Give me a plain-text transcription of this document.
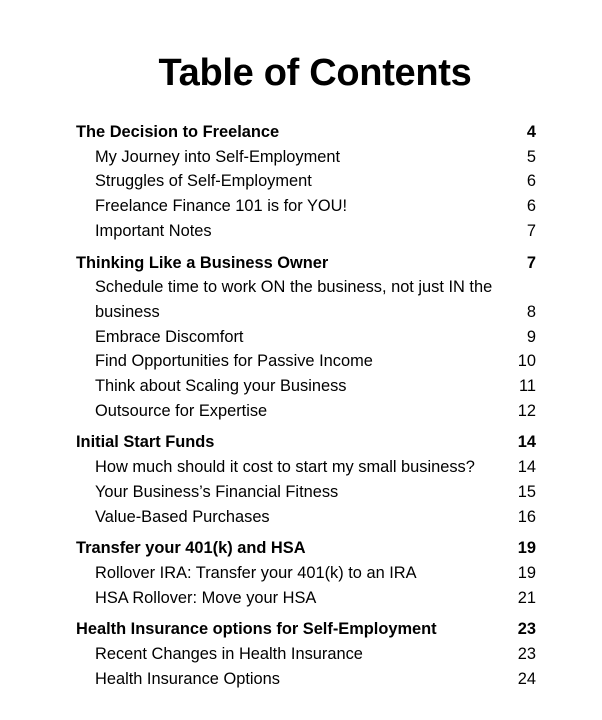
Table of Contents
The Decision to Freelance	4
My Journey into Self-Employment	5
Struggles of Self-Employment	6
Freelance Finance 101 is for YOU!	6
Important Notes	7
Thinking Like a Business Owner	7
Schedule time to work ON the business, not just IN the business	8
Embrace Discomfort	9
Find Opportunities for Passive Income	10
Think about Scaling your Business	11
Outsource for Expertise	12
Initial Start Funds	14
How much should it cost to start my small business?	14
Your Business’s Financial Fitness	15
Value-Based Purchases	16
Transfer your 401(k) and HSA	19
Rollover IRA: Transfer your 401(k) to an IRA	19
HSA Rollover: Move your HSA	21
Health Insurance options for Self-Employment	23
Recent Changes in Health Insurance	23
Health Insurance Options	24
